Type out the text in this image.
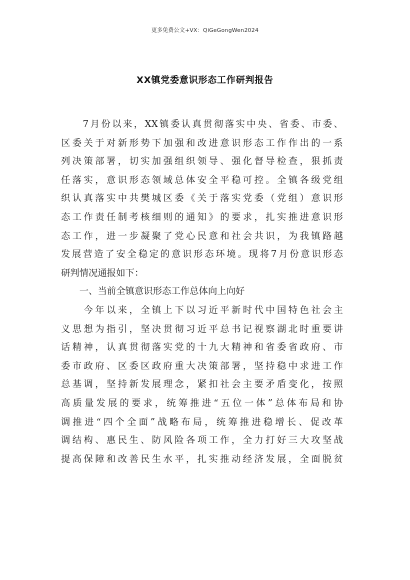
更多免费公文+VX：QiGeGongWen2024
XX镇党委意识形态工作研判报告
　　7月份以来，XX镇委认真贯彻落实中央、省委、市委、
区委关于对新形势下加强和改进意识形态工作作出的一系
列决策部署，切实加强组织领导、强化督导检查，狠抓责
任落实，意识形态领域总体安全平稳可控。全镇各级党组
织认真落实中共樊城区委《关于落实党委（党组）意识形
态工作责任制考核细则的通知》的要求，扎实推进意识形
态工作，进一步凝聚了党心民意和社会共识，为我镇路越
发展营造了安全稳定的意识形态环境。现将7月份意识形态
研判情况通报如下：
　　一、当前全镇意识形态工作总体向上向好
　　今年以来，全镇上下以习近平新时代中国特色社会主
义思想为指引，坚决贯彻习近平总书记视察湖北时重要讲
话精神，认真贯彻落实党的十九大精神和省委省政府、市
委市政府、区委区政府重大决策部署，坚持稳中求进工作
总基调，坚持新发展理念，紧扣社会主要矛盾变化，按照
高质量发展的要求，统筹推进“五位一体”总体布局和协
调推进“四个全面”战略布局，统筹推进稳增长、促改革
调结构、惠民生、防风险各项工作，全力打好三大攻坚战
提高保障和改善民生水平，扎实推动经济发展，全面脱贫
